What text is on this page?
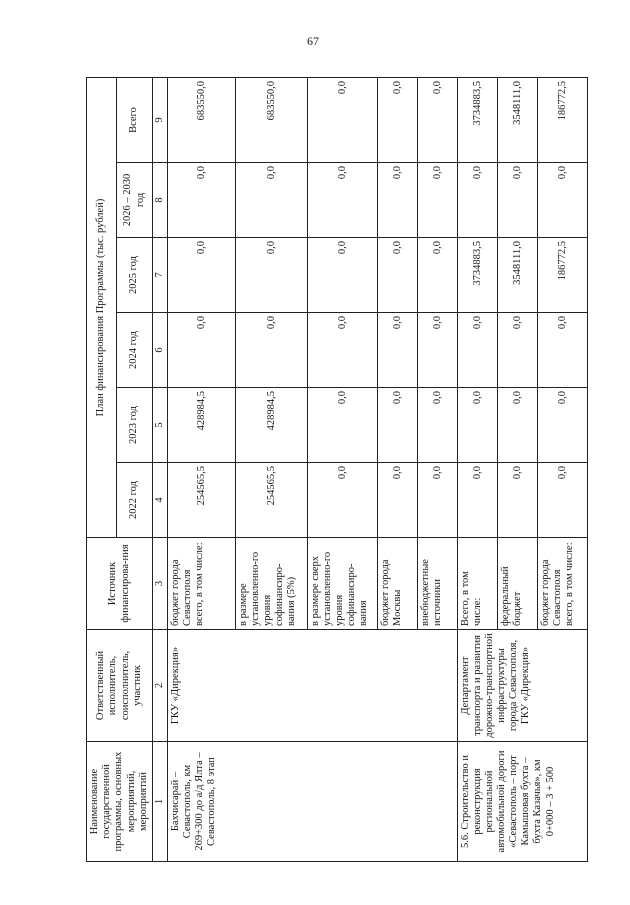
67
Наименование государственной программы, основных мероприятий, мероприятий	Ответственный исполнитель, соисполнитель, участник	Источник финансирова-ния	План финансирования Программы (тыс. рублей)					
			2022 год	2023 год	2024 год	2025 год	2026 – 2030 год	Всего
1	2	3	4	5	6	7	8	9
Бахчисарай – Севастополь, км 269+300 до а/д Ялта – Севастополь, 8 этап	ГКУ «Дирекция»	бюджет города Севастополя всего, в том числе:	254565,5	428984,5	0,0	0,0	0,0	683550,0
		в размере установленно-го уровня софинансиро-вания (5%)	254565,5	428984,5	0,0	0,0	0,0	683550,0
		в размере сверх установленно-го уровня софинансиро-вания	0,0	0,0	0,0	0,0	0,0	0,0
		бюджет города Москвы	0,0	0,0	0,0	0,0	0,0	0,0
		внебюджетные источники	0,0	0,0	0,0	0,0	0,0	0,0
5.6. Строительство и реконструкция региональной автомобильной дороги «Севастополь – порт Камышовая бухта – бухта Казачья», км 0+000 – 3 + 500	Департамент транспорта и развития дорожно-транспортной инфраструктуры города Севастополя, ГКУ «Дирекция»	Всего, в том числе:	0,0	0,0	0,0	3734883,5	0,0	3734883,5
		федеральный бюджет	0,0	0,0	0,0	3548111,0	0,0	3548111,0
		бюджет города Севастополя всего, в том числе:	0,0	0,0	0,0	186772,5	0,0	186772,5
